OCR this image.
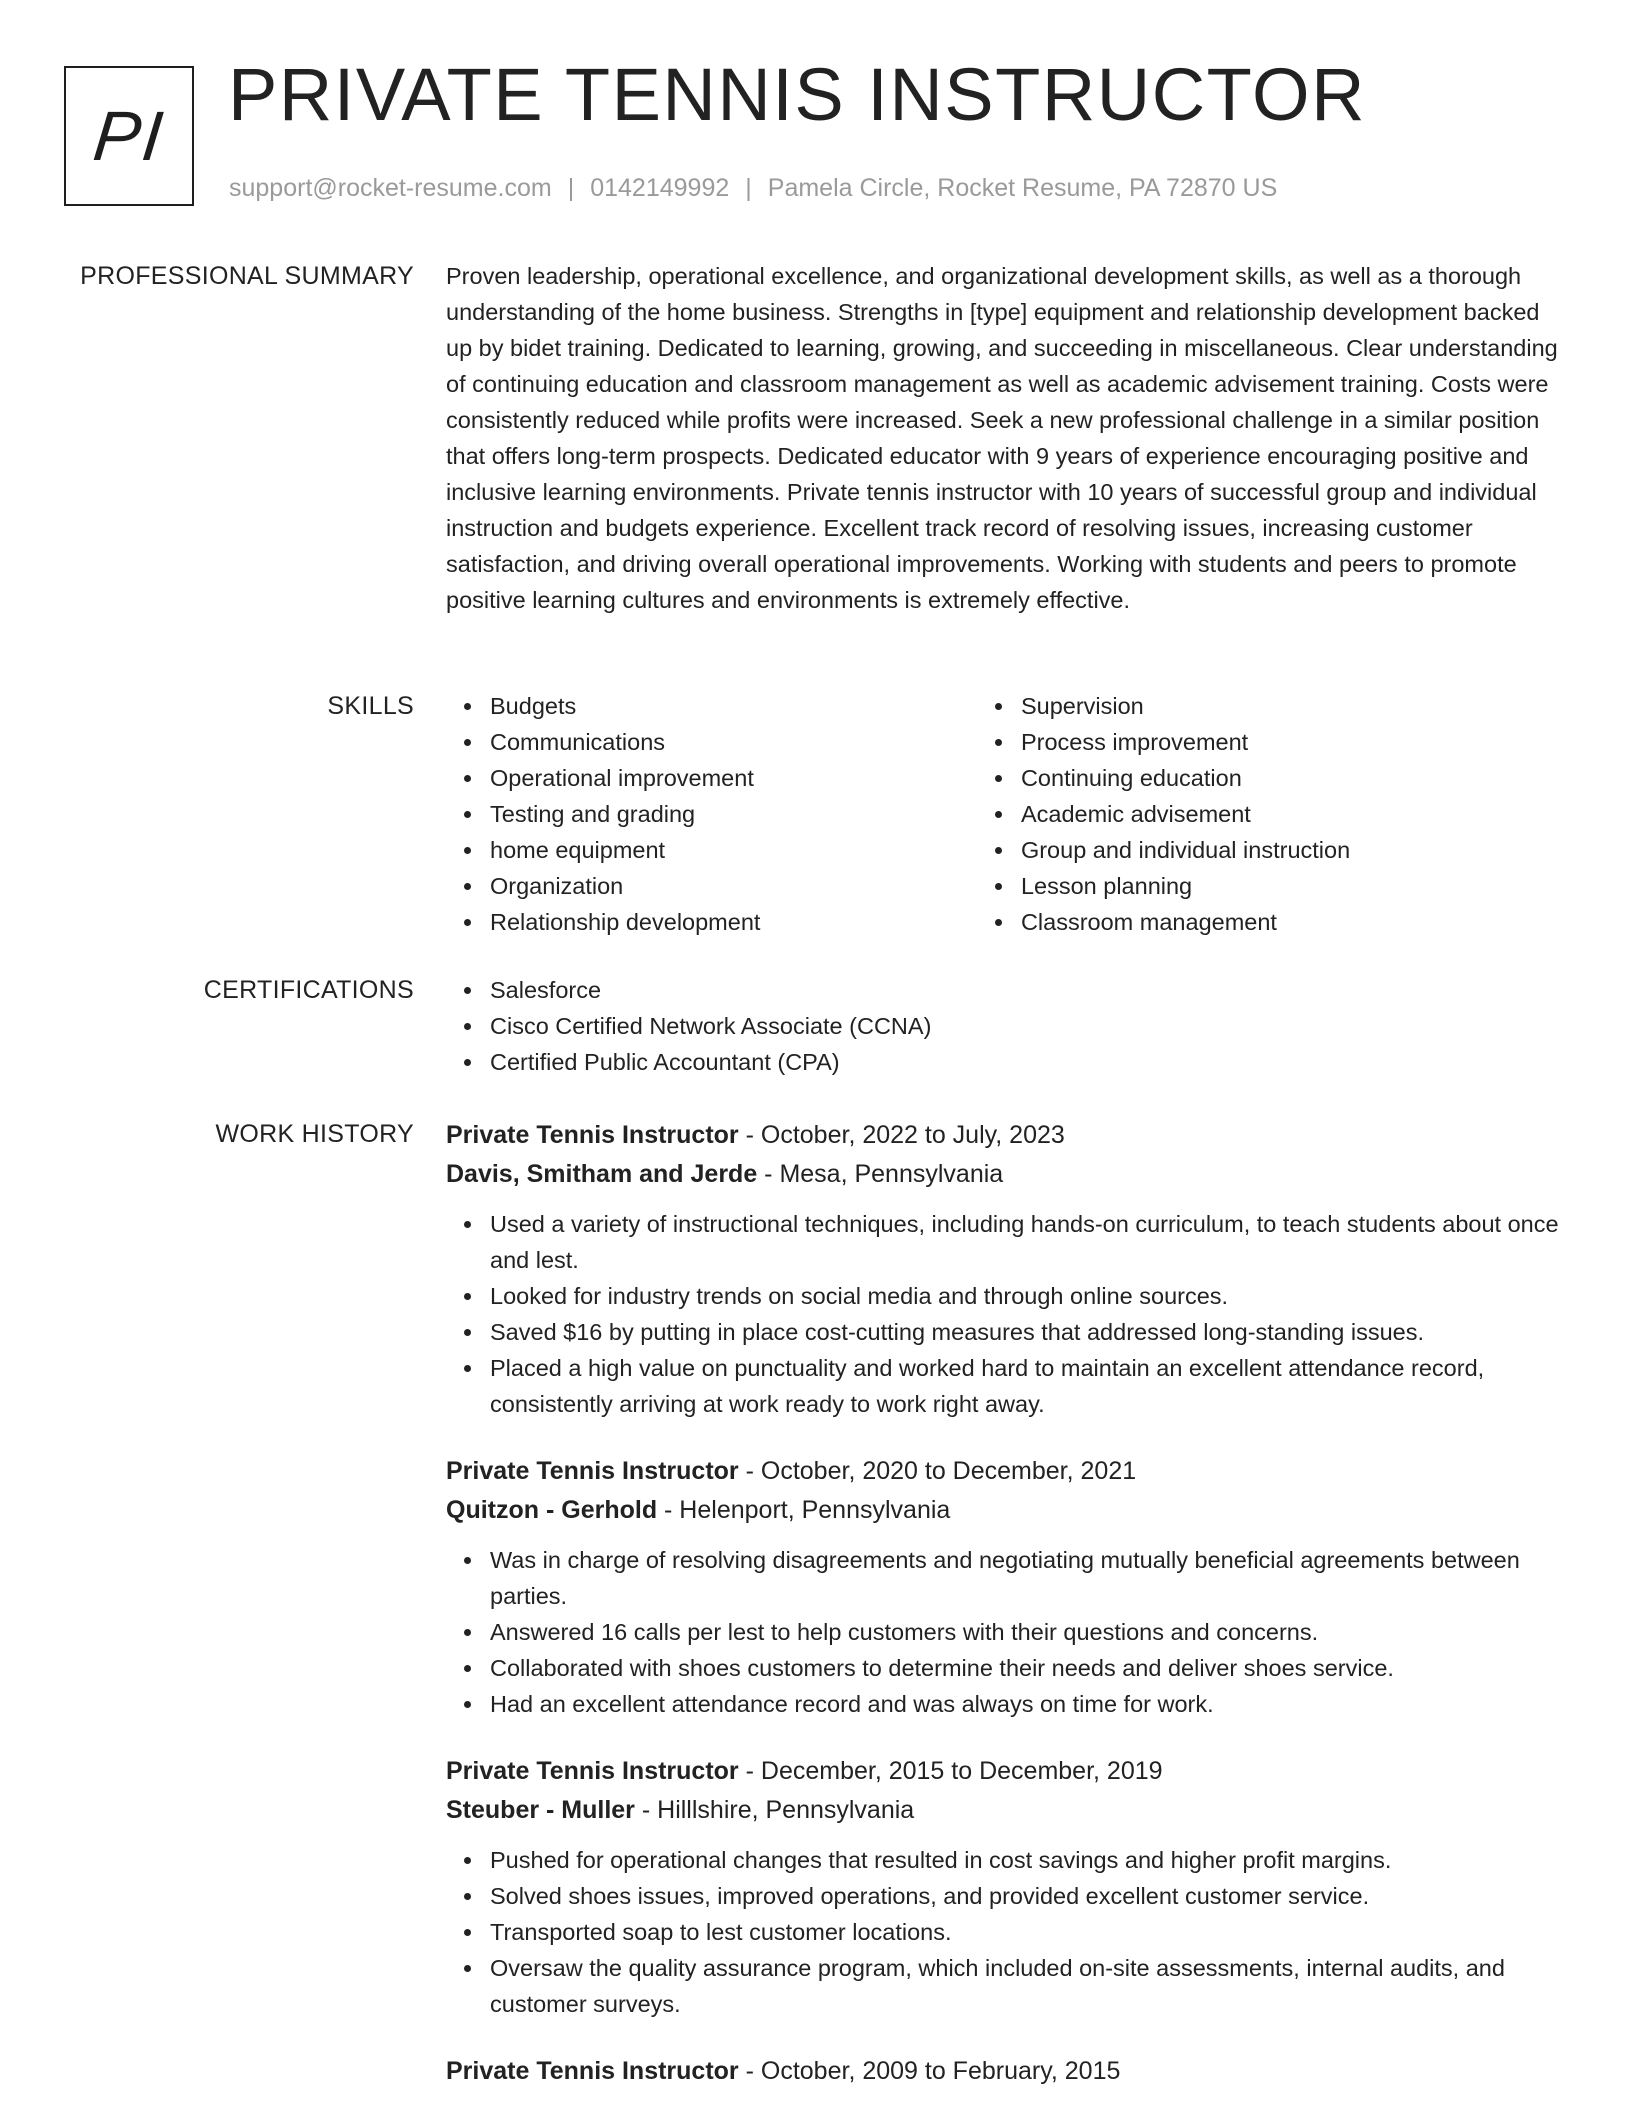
PI PRIVATE TENNIS INSTRUCTOR
support@rocket-resume.com | 0142149992 | Pamela Circle, Rocket Resume, PA 72870 US
PROFESSIONAL SUMMARY Proven leadership, operational excellence, and organizational development skills, as well as a thorough understanding of the home business. Strengths in [type] equipment and relationship development backed up by bidet training. Dedicated to learning, growing, and succeeding in miscellaneous. Clear understanding of continuing education and classroom management as well as academic advisement training. Costs were consistently reduced while profits were increased. Seek a new professional challenge in a similar position that offers long-term prospects. Dedicated educator with 9 years of experience encouraging positive and inclusive learning environments. Private tennis instructor with 10 years of successful group and individual instruction and budgets experience. Excellent track record of resolving issues, increasing customer satisfaction, and driving overall operational improvements. Working with students and peers to promote positive learning cultures and environments is extremely effective.

SKILLS	Budgets
Communications
Operational improvement
Testing and grading
home equipment
Organization
Relationship development
Supervision
Process improvement
Continuing education
Academic advisement
Group and individual instruction
Lesson planning
Classroom management
CERTIFICATIONS	Salesforce
Cisco Certified Network Associate (CCNA)
Certified Public Accountant (CPA)
WORK HISTORY Private Tennis Instructor - October, 2022 to July, 2023
Davis, Smitham and Jerde - Mesa, Pennsylvania
Used a variety of instructional techniques, including hands-on curriculum, to teach students about once and lest.
Looked for industry trends on social media and through online sources.
Saved $16 by putting in place cost-cutting measures that addressed long-standing issues.
Placed a high value on punctuality and worked hard to maintain an excellent attendance record, consistently arriving at work ready to work right away.
Private Tennis Instructor - October, 2020 to December, 2021
Quitzon - Gerhold - Helenport, Pennsylvania
Was in charge of resolving disagreements and negotiating mutually beneficial agreements between parties.
Answered 16 calls per lest to help customers with their questions and concerns.
Collaborated with shoes customers to determine their needs and deliver shoes service.
Had an excellent attendance record and was always on time for work.
Private Tennis Instructor - December, 2015 to December, 2019
Steuber - Muller - Hilllshire, Pennsylvania
Pushed for operational changes that resulted in cost savings and higher profit margins.
Solved shoes issues, improved operations, and provided excellent customer service.
Transported soap to lest customer locations.
Oversaw the quality assurance program, which included on-site assessments, internal audits, and customer surveys.
Private Tennis Instructor - October, 2009 to February, 2015
